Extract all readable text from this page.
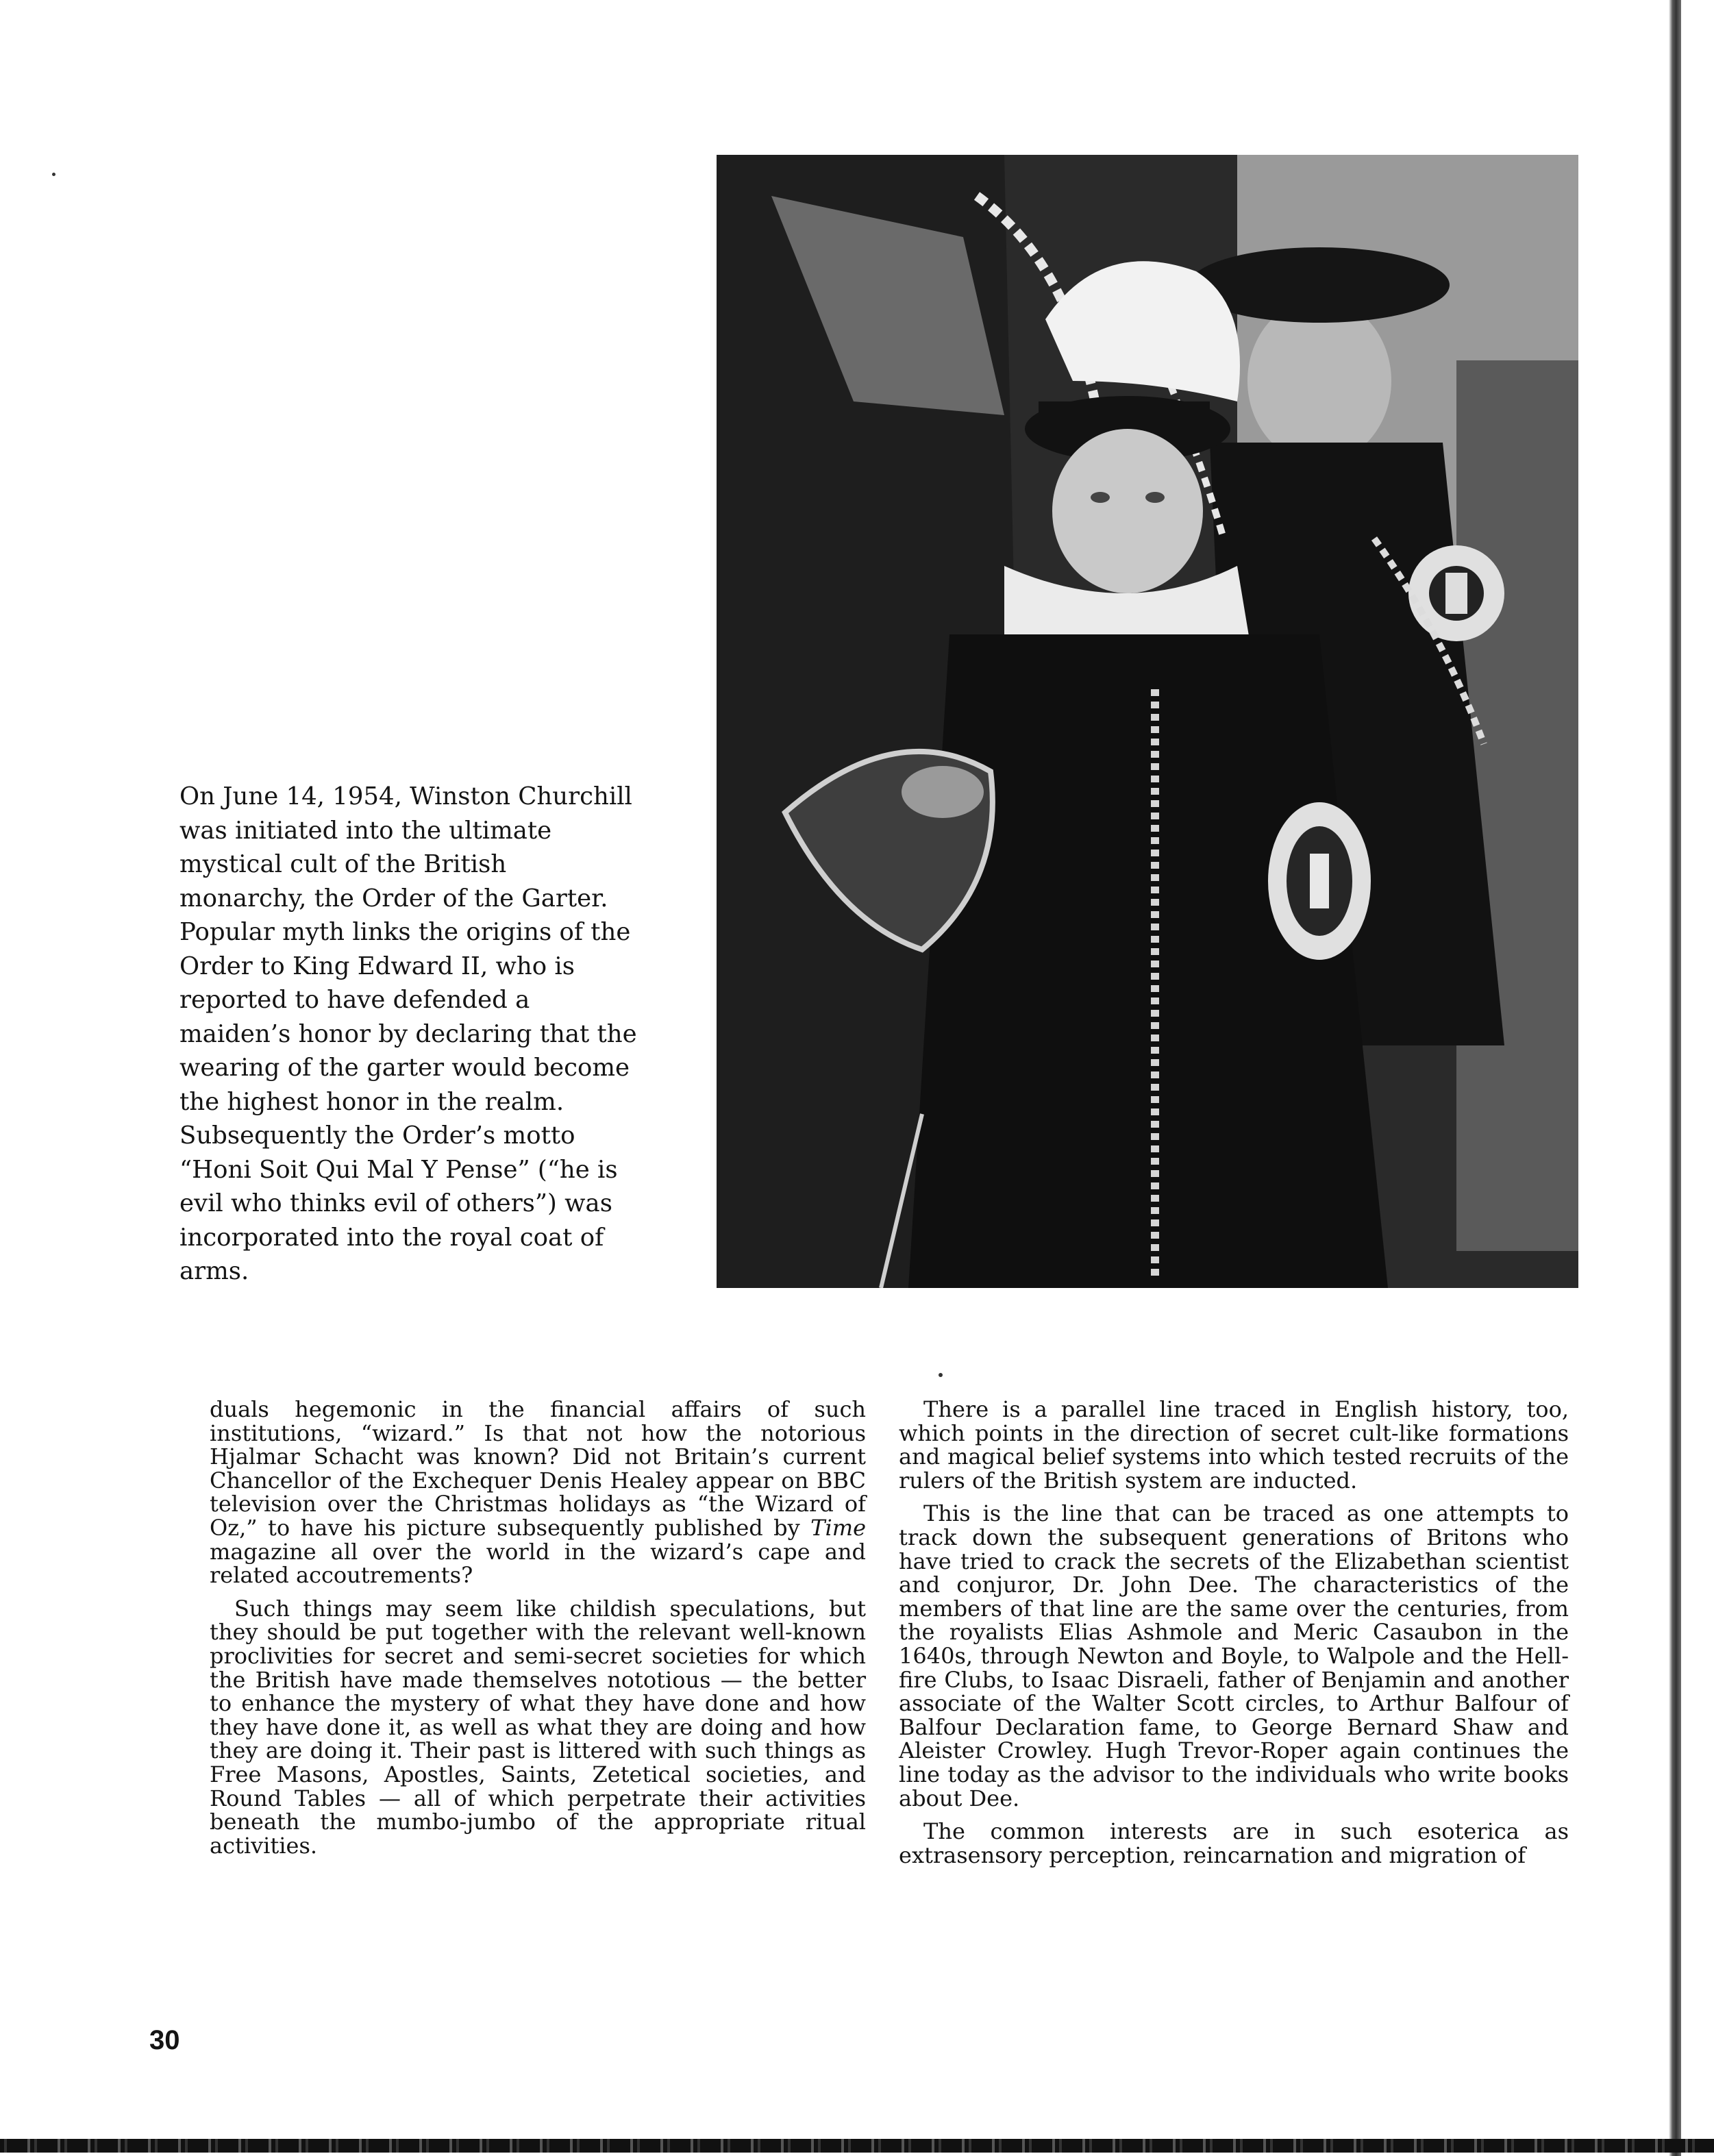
On June 14, 1954, Winston Churchill
was initiated into the ultimate
mystical cult of the British
monarchy, the Order of the Garter.
Popular myth links the origins of the
Order to King Edward II, who is
reported to have defended a
maiden’s honor by declaring that the
wearing of the garter would become
the highest honor in the realm.
Subsequently the Order’s motto
“Honi Soit Qui Mal Y Pense” (“he is
evil who thinks evil of others”) was
incorporated into the royal coat of
arms.

duals hegemonic in the financial affairs of such institutions, “wizard.” Is that not how the notorious Hjalmar Schacht was known? Did not Britain’s current Chancellor of the Exchequer Denis Healey appear on BBC television over the Christmas holidays as “the Wizard of Oz,” to have his picture subsequently published by Time magazine all over the world in the wizard’s cape and related accoutrements?

Such things may seem like childish speculations, but they should be put together with the relevant well-known proclivities for secret and semi-secret societies for which the British have made themselves nototious — the better to enhance the mystery of what they have done and how they have done it, as well as what they are doing and how they are doing it. Their past is littered with such things as Free Masons, Apostles, Saints, Zetetical societies, and Round Tables — all of which perpetrate their activities beneath the mumbo-jumbo of the appropriate ritual activities.

There is a parallel line traced in English history, too, which points in the direction of secret cult-like formations and magical belief systems into which tested recruits of the rulers of the British system are inducted.

This is the line that can be traced as one attempts to track down the subsequent generations of Britons who have tried to crack the secrets of the Elizabethan scientist and conjuror, Dr. John Dee. The characteristics of the members of that line are the same over the centuries, from the royalists Elias Ashmole and Meric Casaubon in the 1640s, through Newton and Boyle, to Walpole and the Hell-fire Clubs, to Isaac Disraeli, father of Benjamin and another associate of the Walter Scott circles, to Arthur Balfour of Balfour Declaration fame, to George Bernard Shaw and Aleister Crowley. Hugh Trevor-Roper again continues the line today as the advisor to the individuals who write books about Dee.

The common interests are in such esoterica as extrasensory perception, reincarnation and migration of

30
